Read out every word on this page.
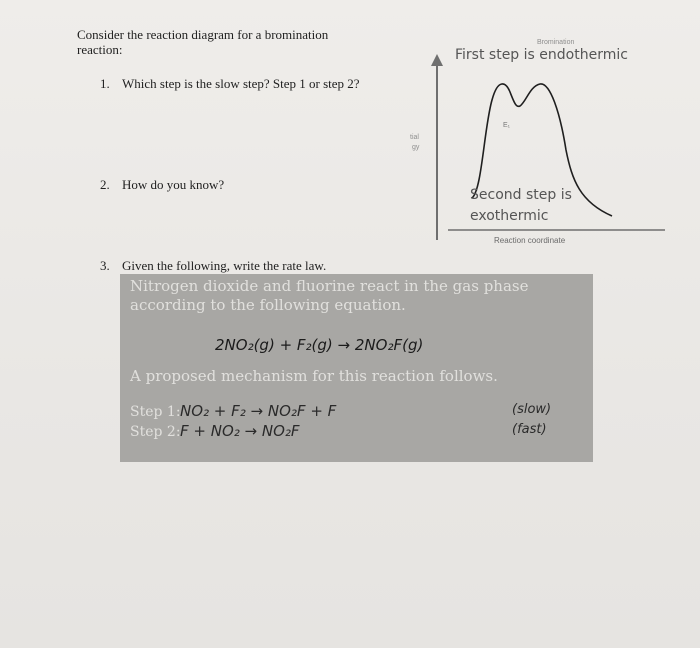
Consider the reaction diagram for a bromination
reaction:
1. Which step is the slow step? Step 1 or step 2?
2. How do you know?
3. Given the following, write the rate law.
Bromination
tial
gy
E₁
Reaction coordinate
First step is endothermic
Second step is
exothermic
Nitrogen dioxide and fluorine react in the gas phase
according to the following equation.
2NO₂(g) + F₂(g) → 2NO₂F(g)
A proposed mechanism for this reaction follows.
Step 1: NO₂ + F₂ → NO₂F + F	(slow)
Step 2: F + NO₂ → NO₂F	(fast)
